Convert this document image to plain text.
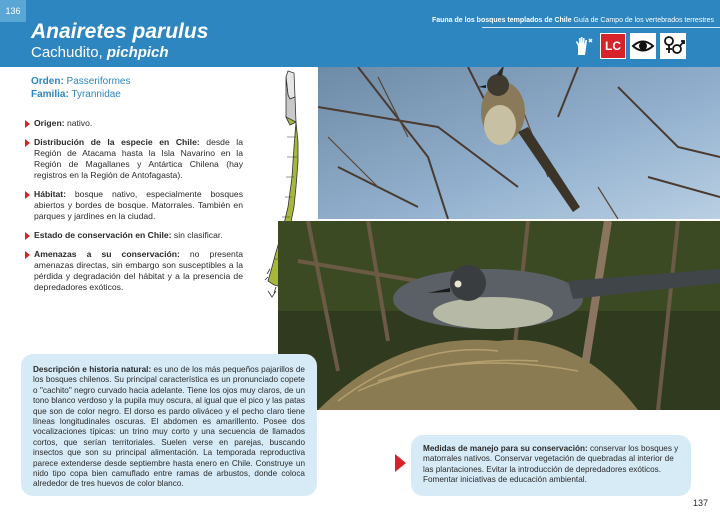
136
Fauna de los bosques templados de Chile Guía de Campo de los vertebrados terrestres
Anairetes parulus
Cachudito, pichpich	LC
Orden: Passeriformes
Familia: Tyrannidae
Origen: nativo.
Distribución de la especie en Chile: desde la Región de Atacama hasta la Isla Navarino en la Región de Magallanes y Antártica Chilena (hay registros en la Región de Antofagasta).
Hábitat: bosque nativo, especialmente bosques abiertos y bordes de bosque. Matorrales. También en parques y jardines en la ciudad.
Estado de conservación en Chile: sin clasificar.
Amenazas a su conservación: no presenta amenazas directas, sin embargo son susceptibles a la pérdida y degradación del hábitat y a la presencia de depredadores exóticos.
Descripción e historia natural: es uno de los más pequeños pajarillos de los bosques chilenos. Su principal característica es un pronunciado copete o "cachito" negro curvado hacia adelante. Tiene los ojos muy claros, de un tono blanco verdoso y la pupila muy oscura, al igual que el pico y las patas que son de color negro. El dorso es pardo oliváceo y el pecho claro tiene líneas longitudinales oscuras. El abdomen es amarillento. Posee dos vocalizaciones típicas: un trino muy corto y una secuencia de llamados cortos, que serían territoriales. Suelen verse en parejas, buscando insectos que son su principal alimentación. La temporada reproductiva parece extenderse desde septiembre hasta enero en Chile. Construye un nido tipo copa bien camuflado entre ramas de arbustos, donde coloca alrededor de tres huevos de color blanco.
Medidas de manejo para su conservación: conservar los bosques y matorrales nativos. Conservar vegetación de quebradas al interior de las plantaciones. Evitar la introducción de depredadores exóticos. Fomentar iniciativas de educación ambiental.
137
